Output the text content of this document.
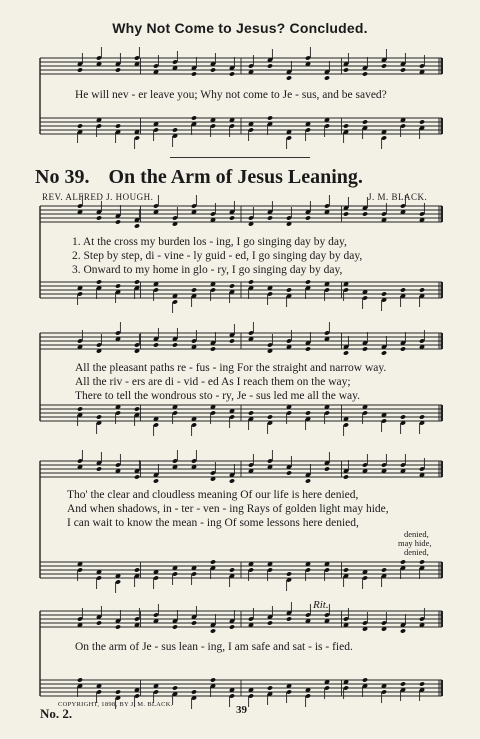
Why Not Come to Jesus? Concluded.
He will nev - er leave you; Why not come to Je - sus, and be saved?
No 39. On the Arm of Jesus Leaning.
REV. ALFRED J. HOUGH.	J. M. BLACK.
1. At the cross my burden los - ing, I go singing day by day,
2. Step by step, di - vine - ly guid - ed, I go singing day by day,
3. Onward to my home in glo - ry, I go singing day by day,
All the pleasant paths re - fus - ing For the straight and narrow way.
All the riv - ers are di - vid - ed As I reach them on the way;
There to tell the wondrous sto - ry, Je - sus led me all the way.
Tho' the clear and cloudless meaning Of our life is here denied,
And when shadows, in - ter - ven - ing Rays of golden light may hide,
I can wait to know the mean - ing Of some lessons here denied,
denied,
may hide,
denied,
Rit.
On the arm of Je - sus lean - ing, I am safe and sat - is - fied.
COPYRIGHT, 1898, BY J. M. BLACK.
No. 2.	39
